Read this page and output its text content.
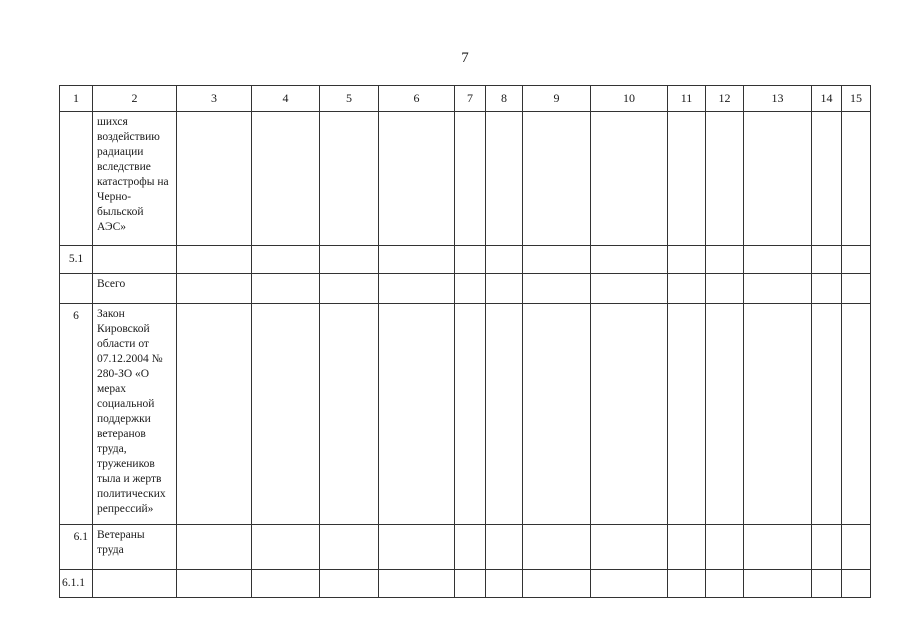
7
1	2	3	4	5	6	7	8	9	10	11	12	13	14	15
	шихся воздействию радиации вследствие катастрофы на Черно-быльской АЭС»													
5.1														
	Всего													
6	Закон Кировской области от 07.12.2004 № 280-ЗО «О мерах социальной поддержки ветеранов труда, тружеников тыла и жертв политических репрессий»													
6.1	Ветераны труда													
6.1.1														
